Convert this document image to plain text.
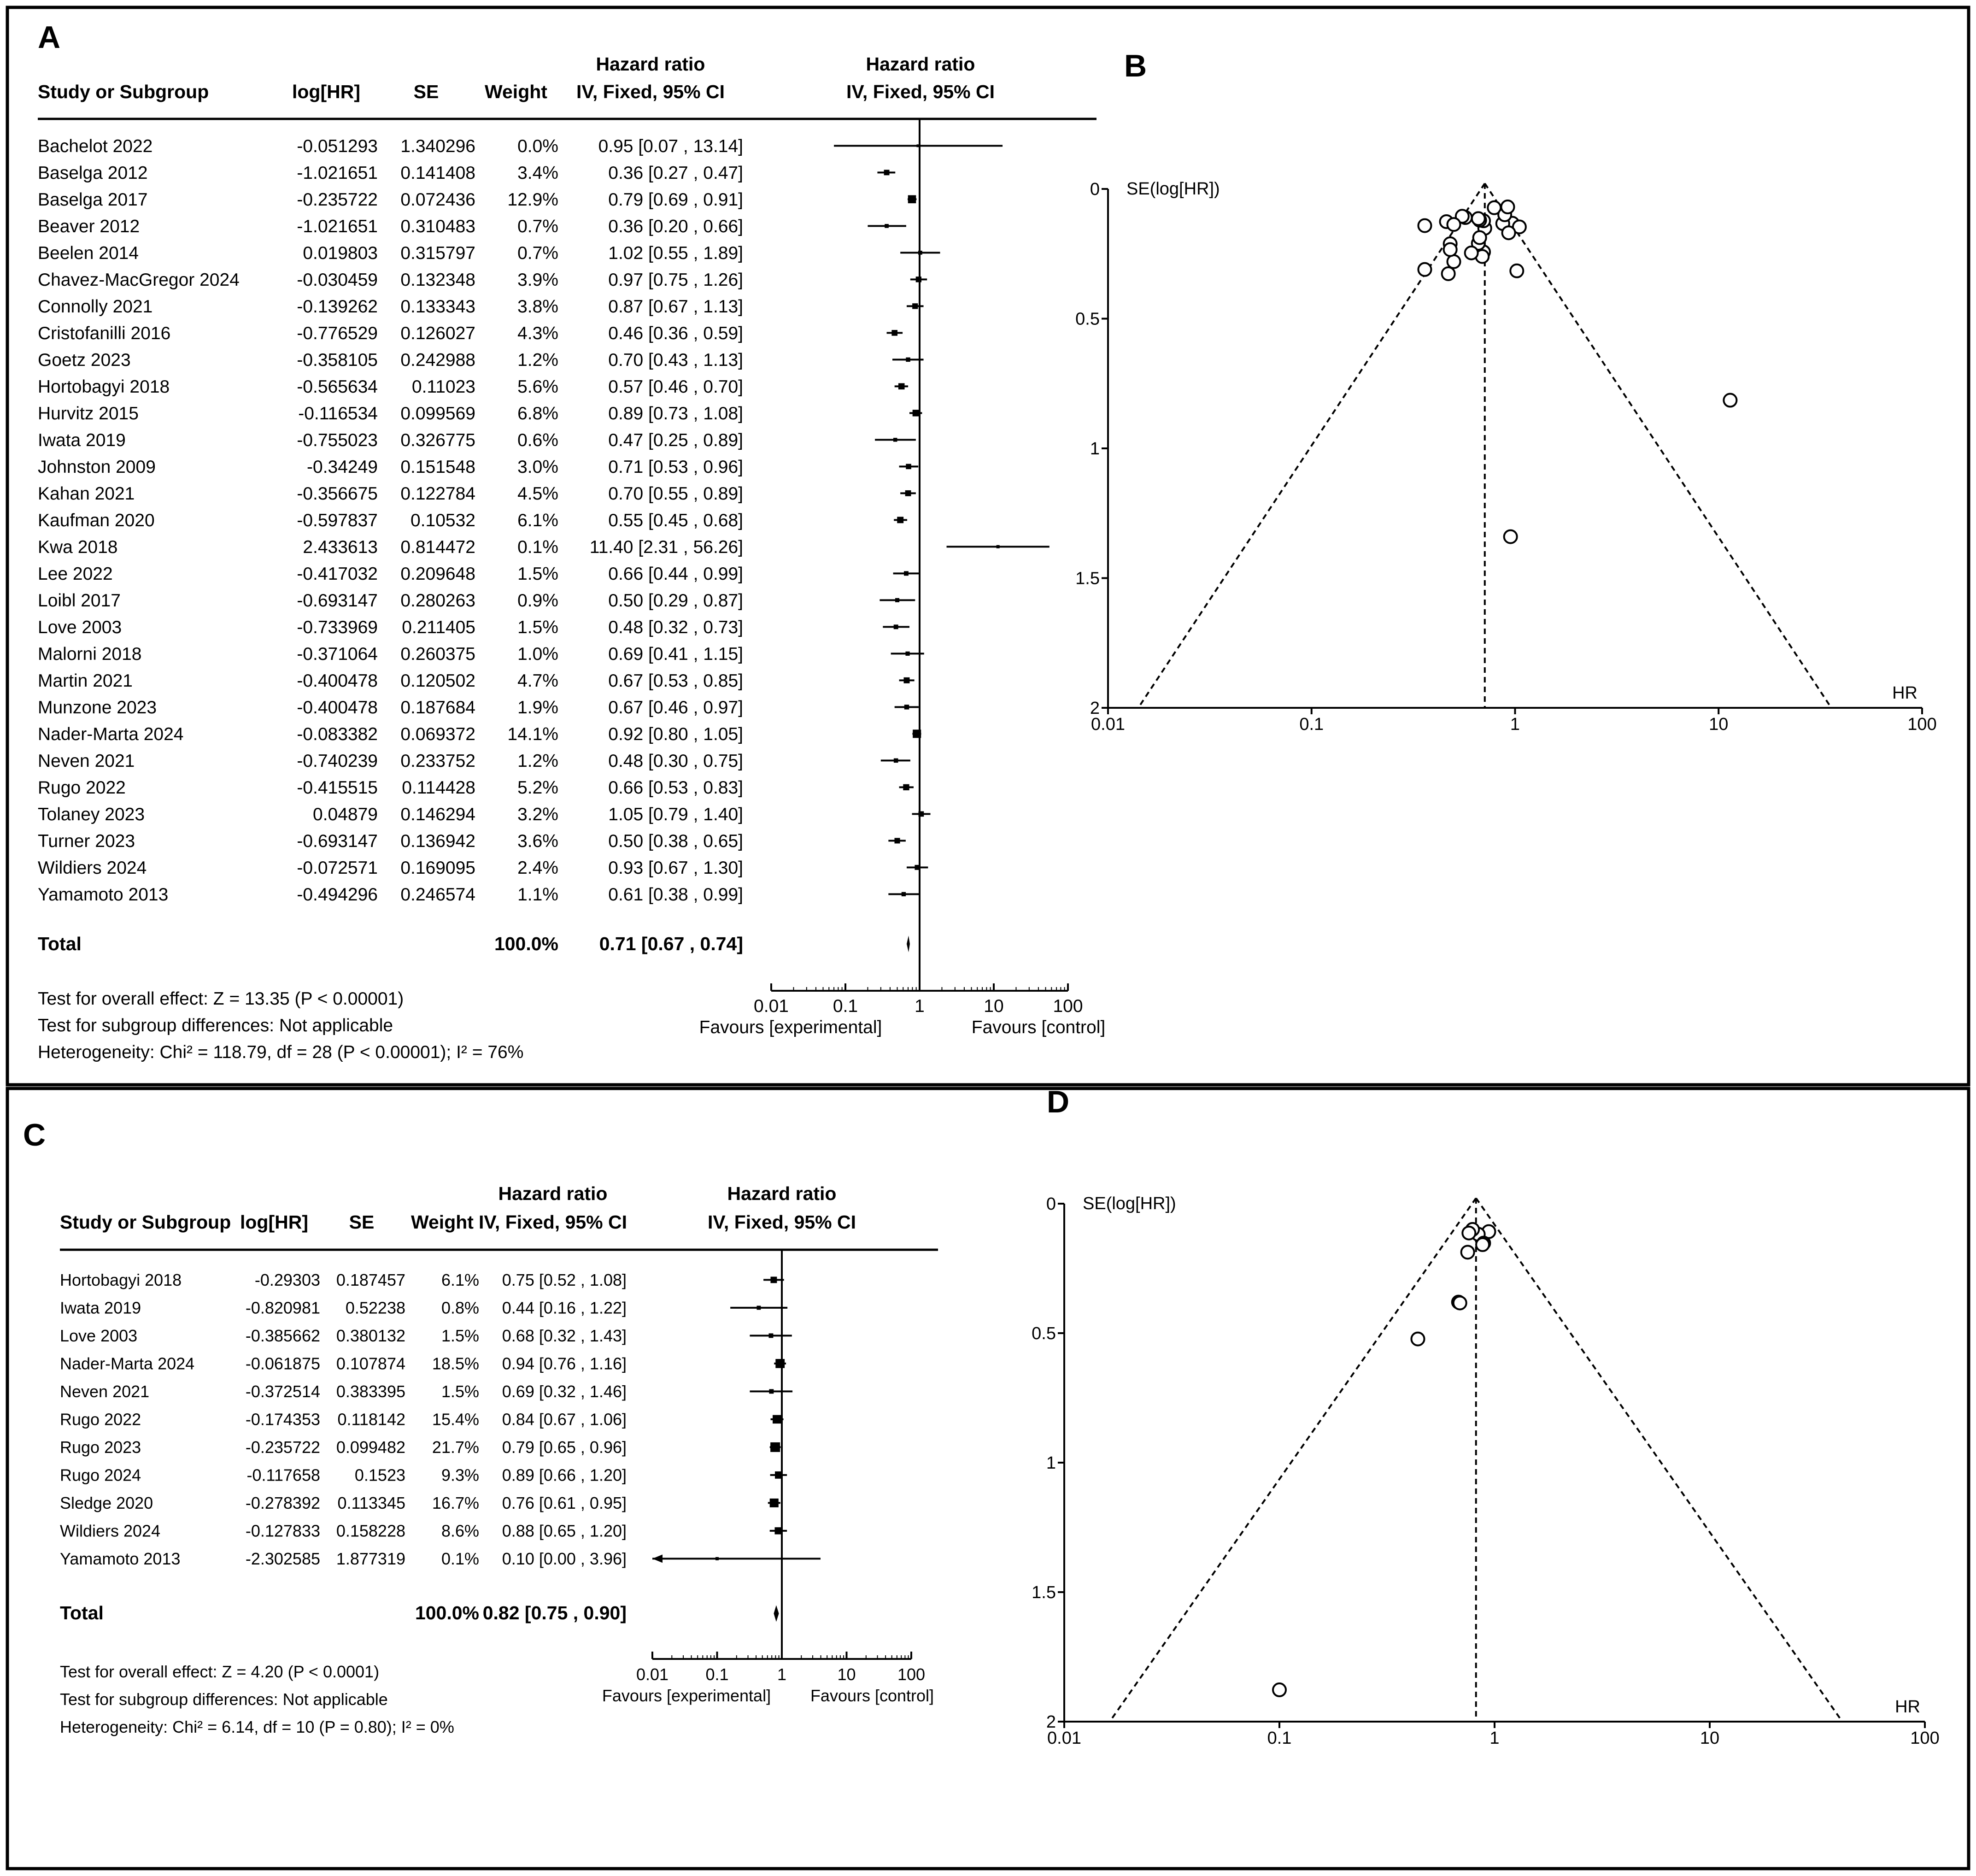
A
B
C
D
Study or Subgroup	log[HR]	SE Weight
Hazard ratio
IV, Fixed, 95% CI
Hazard ratio
IV, Fixed, 95% CI
Bachelot 2022	-0.051293 1.340296 0.0% 0.95 [0.07 , 13.14]
Baselga 2012	-1.021651 0.141408 3.4%	0.36 [0.27 , 0.47]
Baselga 2017	-0.235722 0.072436 12.9%	0.79 [0.69 , 0.91]
Beaver 2012	-1.021651 0.310483 0.7%	0.36 [0.20 , 0.66]
Beelen 2014	0.019803 0.315797 0.7%	1.02 [0.55 , 1.89]
Chavez-MacGregor 2024	-0.030459 0.132348 3.9%	0.97 [0.75 , 1.26]
Connolly 2021	-0.139262 0.133343 3.8%	0.87 [0.67 , 1.13]
Cristofanilli 2016	-0.776529 0.126027 4.3%	0.46 [0.36 , 0.59]
Goetz 2023	-0.358105 0.242988 1.2%	0.70 [0.43 , 1.13]
Hortobagyi 2018	-0.565634 0.11023 5.6%	0.57 [0.46 , 0.70]
Hurvitz 2015	-0.116534 0.099569 6.8%	0.89 [0.73 , 1.08]
Iwata 2019	-0.755023 0.326775 0.6%	0.47 [0.25 , 0.89]
Johnston 2009	-0.34249 0.151548 3.0%	0.71 [0.53 , 0.96]
Kahan 2021	-0.356675 0.122784 4.5%	0.70 [0.55 , 0.89]
Kaufman 2020	-0.597837 0.10532 6.1%	0.55 [0.45 , 0.68]
Kwa 2018	2.433613 0.814472 0.1% 11.40 [2.31 , 56.26]
Lee 2022	-0.417032 0.209648 1.5%	0.66 [0.44 , 0.99]
Loibl 2017	-0.693147 0.280263 0.9%	0.50 [0.29 , 0.87]
Love 2003	-0.733969 0.211405 1.5%	0.48 [0.32 , 0.73]
Malorni 2018	-0.371064 0.260375 1.0%	0.69 [0.41 , 1.15]
Martin 2021	-0.400478 0.120502 4.7%	0.67 [0.53 , 0.85]
Munzone 2023	-0.400478 0.187684 1.9%	0.67 [0.46 , 0.97]
Nader-Marta 2024	-0.083382 0.069372 14.1%	0.92 [0.80 , 1.05]
Neven 2021	-0.740239 0.233752 1.2%	0.48 [0.30 , 0.75]
Rugo 2022	-0.415515 0.114428 5.2%	0.66 [0.53 , 0.83]
Tolaney 2023	0.04879 0.146294 3.2%	1.05 [0.79 , 1.40]
Turner 2023	-0.693147 0.136942 3.6%	0.50 [0.38 , 0.65]
Wildiers 2024	-0.072571 0.169095 2.4%	0.93 [0.67 , 1.30]
Yamamoto 2013	-0.494296 0.246574 1.1%	0.61 [0.38 , 0.99]
Total	100.0% 0.71 [0.67 , 0.74]
0.01 0.1	1	10	100
Favours [experimental]	Favours [control]
Test for overall effect: Z = 13.35 (P < 0.00001)
Test for subgroup differences: Not applicable
Heterogeneity: Chi² = 118.79, df = 28 (P < 0.00001); I² = 76%
0
0.5
1
1.5
2
0.01	0.1	1	10	100
SE(log[HR])
HR
Study or Subgroup log[HR] SE Weight
Hazard ratio
IV, Fixed, 95% CI
Hazard ratio
IV, Fixed, 95% CI
Hortobagyi 2018	-0.29303 0.187457 6.1% 0.75 [0.52 , 1.08]
Iwata 2019	-0.820981 0.52238 0.8% 0.44 [0.16 , 1.22]
Love 2003	-0.385662 0.380132 1.5% 0.68 [0.32 , 1.43]
Nader-Marta 2024	-0.061875 0.107874 18.5% 0.94 [0.76 , 1.16]
Neven 2021	-0.372514 0.383395 1.5% 0.69 [0.32 , 1.46]
Rugo 2022	-0.174353 0.118142 15.4% 0.84 [0.67 , 1.06]
Rugo 2023	-0.235722 0.099482 21.7% 0.79 [0.65 , 0.96]
Rugo 2024	-0.117658 0.1523 9.3% 0.89 [0.66 , 1.20]
Sledge 2020	-0.278392 0.113345 16.7% 0.76 [0.61 , 0.95]
Wildiers 2024	-0.127833 0.158228 8.6% 0.88 [0.65 , 1.20]
Yamamoto 2013	-2.302585 1.877319 0.1% 0.10 [0.00 , 3.96]
Total	100.0% 0.82 [0.75 , 0.90]
0.01 0.1	1	10	100
Favours [experimental] Favours [control]
Test for overall effect: Z = 4.20 (P < 0.0001)
Test for subgroup differences: Not applicable
Heterogeneity: Chi² = 6.14, df = 10 (P = 0.80); I² = 0%
0
0.5
1
1.5
2
0.01	0.1	1	10	100
SE(log[HR])
HR
